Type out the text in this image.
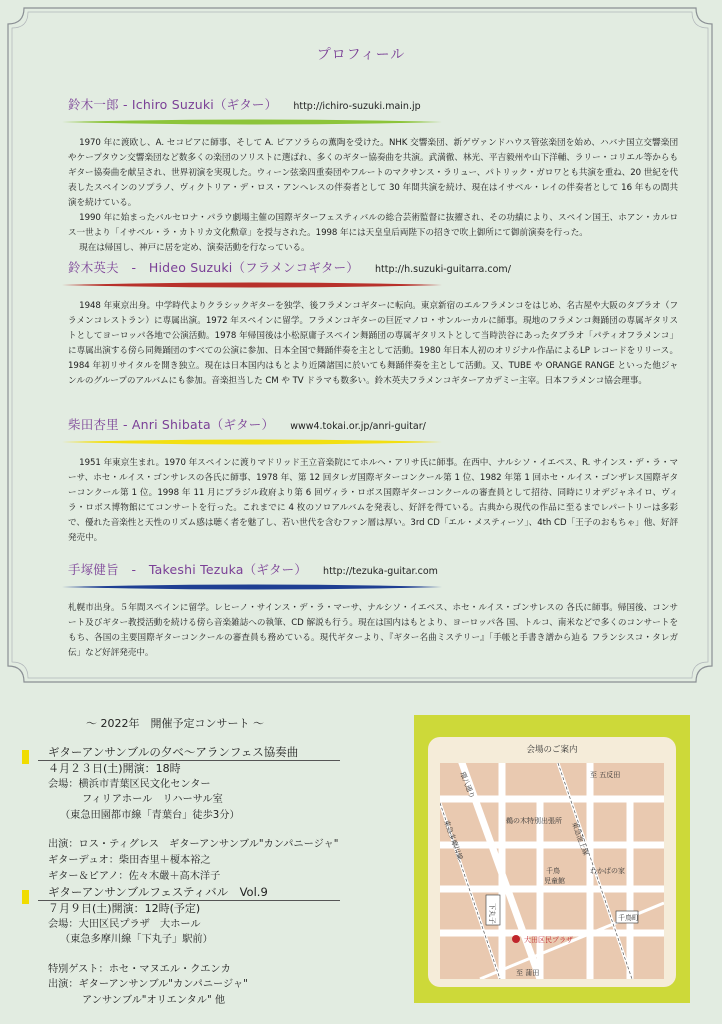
プロフィール
鈴木一郎 - Ichiro Suzuki（ギター） http://ichiro-suzuki.main.jp

1970 年に渡欧し、A. セコビアに師事、そして A. ピアソラらの薫陶を受けた。NHK 交響楽団、新ゲヴァンドハウス管弦楽団を始め、ハバナ国立交響楽団やケープタウン交響楽団など数多くの楽団のソリストに選ばれ、多くのギター協奏曲を共演。武満徹、林光、平吉毅州や山下洋輔、ラリー・コリエル等からもギター協奏曲を献呈され、世界初演を実現した。ウィーン弦楽四重奏団やフルートのマクサンス・ラリュー、パトリック・ガロワとも共演を重ね、20 世紀を代表したスペインのソプラノ、ヴィクトリア・デ・ロス・アンヘレスの伴奏者として 30 年間共演を続け、現在はイサベル・レイの伴奏者として 16 年もの間共演を続けている。

1990 年に始まったバルセロナ・パラウ劇場主催の国際ギターフェスティバルの総合芸術監督に抜擢され、その功績により、スペイン国王、ホアン・カルロス一世より「イサベル・ラ・カトリカ文化勲章」を授与された。1998 年には天皇皇后両陛下の招きで吹上御所にて御前演奏を行った。

現在は帰国し、神戸に居を定め、演奏活動を行なっている。

鈴木英夫　-　Hideo Suzuki（フラメンコギター） http://h.suzuki-guitarra.com/

1948 年東京出身。中学時代よりクラシックギターを独学、後フラメンコギターに転向。東京新宿のエルフラメンコをはじめ、名古屋や大阪のタブラオ（フラメンコレストラン）に専属出演。1972 年スペインに留学。フラメンコギターの巨匠マノロ・サンルーカルに師事。現地のフラメンコ舞踊団の専属ギタリストとしてヨーロッパ各地で公演活動。1978 年帰国後は小松原庸子スペイン舞踊団の専属ギタリストとして当時渋谷にあったタブラオ「パティオフラメンコ」に専属出演する傍ら同舞踊団のすべての公演に参加、日本全国で舞踊伴奏を主として活動。1980 年日本人初のオリジナル作品によるLP レコードをリリース。1984 年初リサイタルを開き独立。現在は日本国内はもとより近隣諸国に於いても舞踊伴奏を主として活動。又、TUBE や ORANGE RANGE といった他ジャンルのグループのアルバムにも参加。音楽担当した CM や TV ドラマも数多い。鈴木英夫フラメンコギターアカデミー主宰。日本フラメンコ協会理事。

柴田杏里 - Anri Shibata（ギター） www4.tokai.or.jp/anri-guitar/

1951 年東京生まれ。1970 年スペインに渡りマドリッド王立音楽院にてホルヘ・アリサ氏に師事。在西中、ナルシソ・イエペス、R. サインス・デ・ラ・マーサ、ホセ・ルイス・ゴンサレスの各氏に師事、1978 年、第 12 回タレガ国際ギターコンクール第 1 位、1982 年第 1 回ホセ・ルイス・ゴンザレス国際ギターコンクール第 1 位。1998 年 11 月にブラジル政府より第 6 回ヴィラ・ロボス国際ギターコンクールの審査員として招待、同時にリオデジャネイロ、ヴィラ・ロボス博物館にてコンサートを行った。これまでに 4 枚のソロアルバムを発表し、好評を得ている。古典から現代の作品に至るまでレパートリーは多彩で、優れた音楽性と天性のリズム感は聴く者を魅了し、若い世代を含むファン層は厚い。3rd CD「エル・メスティーソ」、4th CD「王子のおもちゃ」他、好評発売中。

手塚健旨　-　Takeshi Tezuka（ギター） http://tezuka-guitar.com

札幌市出身。５年間スペインに留学。レヒーノ・サインス・デ・ラ・マーサ、ナルシソ・イエペス、ホセ・ルイス・ゴンサレスの 各氏に師事。帰国後、コンサート及びギター教授活動を続ける傍ら音楽雑誌への執筆、CD 解説も行う。現在は国内はもとより、ヨーロッパ各 国、トルコ、南米などで多くのコンサートをもち、各国の主要国際ギターコンクールの審査員も務めている。現代ギターより、『ギター名曲ミステリー』「手帳と手書き譜から辿る フランシスコ・タレガ伝」など好評発売中。

～ 2022年　開催予定コンサート ～
ギターアンサンブルの夕べ～アランフェス協奏曲
４月２３日(土)開演：18時
会場：横浜市青葉区民文化センター
フィリアホール　リハーサル室
（東急田園都市線「青葉台」徒歩3分）
出演：ロス・ティグレス　ギターアンサンブル"カンパニージャ"
ギターデュオ：柴田杏里＋榎本裕之
ギター＆ピアノ：佐々木嚴＋高木洋子
ギターアンサンブルフェスティバル　Vol.9
７月９日(土)開演：12時(予定)
会場：大田区民プラザ　大ホール
（東急多摩川線「下丸子」駅前）
特別ゲスト：ホセ・マヌエル・クエンカ
出演：ギターアンサンブル"カンパニージャ"
アンサンブル"オリエンタル" 他
会場のご案内
環八通り
東急多摩川線
下丸子
東急池上線
千鳥町
至 五反田
至 蒲田
鵜の木特別出張所
千鳥
児童館
わかばの家
大田区民プラザ
